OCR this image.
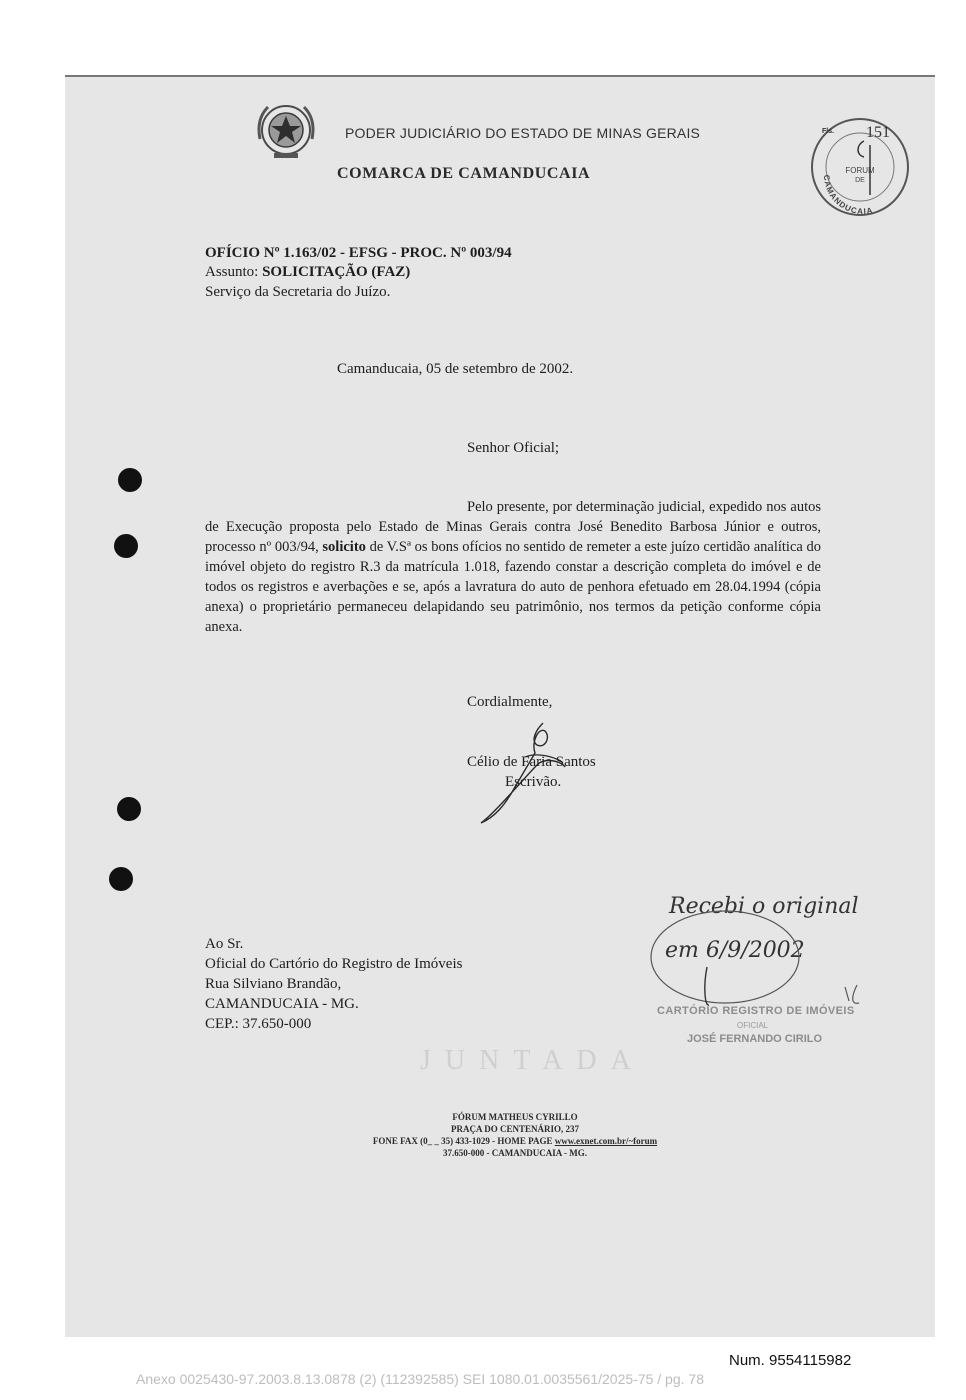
PODER JUDICIÁRIO DO ESTADO DE MINAS GERAIS
COMARCA DE CAMANDUCAIA
Fls. 151
FORUM
DE
CAMANDUCAIA
OFÍCIO Nº 1.163/02 - EFSG - PROC. Nº 003/94
Assunto: SOLICITAÇÃO (FAZ)
Serviço da Secretaria do Juízo.
Camanducaia, 05 de setembro de 2002.
Senhor Oficial;
Pelo presente, por determinação judicial, expedido nos autos de Execução proposta pelo Estado de Minas Gerais contra José Benedito Barbosa Júnior e outros, processo nº 003/94, solicito de V.Sª os bons ofícios no sentido de remeter a este juízo certidão analítica do imóvel objeto do registro R.3 da matrícula 1.018, fazendo constar a descrição completa do imóvel e de todos os registros e averbações e se, após a lavratura do auto de penhora efetuado em 28.04.1994 (cópia anexa) o proprietário permaneceu delapidando seu patrimônio, nos termos da petição conforme cópia anexa.
Cordialmente,
Célio de Faria Santos
Escrivão.
Ao Sr.
Oficial do Cartório do Registro de Imóveis
Rua Silviano Brandão,
CAMANDUCAIA - MG.
CEP.: 37.650-000
JUNTADA
Recebi o original
em 6/9/2002
CARTÓRIO REGISTRO DE IMÓVEIS
OFICIAL
JOSÉ FERNANDO CIRILO
FÓRUM MATHEUS CYRILLO
PRAÇA DO CENTENÁRIO, 237
FONE FAX (0_ _ 35) 433-1029 - HOME PAGE www.exnet.com.br/~forum
37.650-000 - CAMANDUCAIA - MG.
Num. 9554115982
Anexo 0025430-97.2003.8.13.0878 (2) (112392585) SEI 1080.01.0035561/2025-75 / pg. 78
